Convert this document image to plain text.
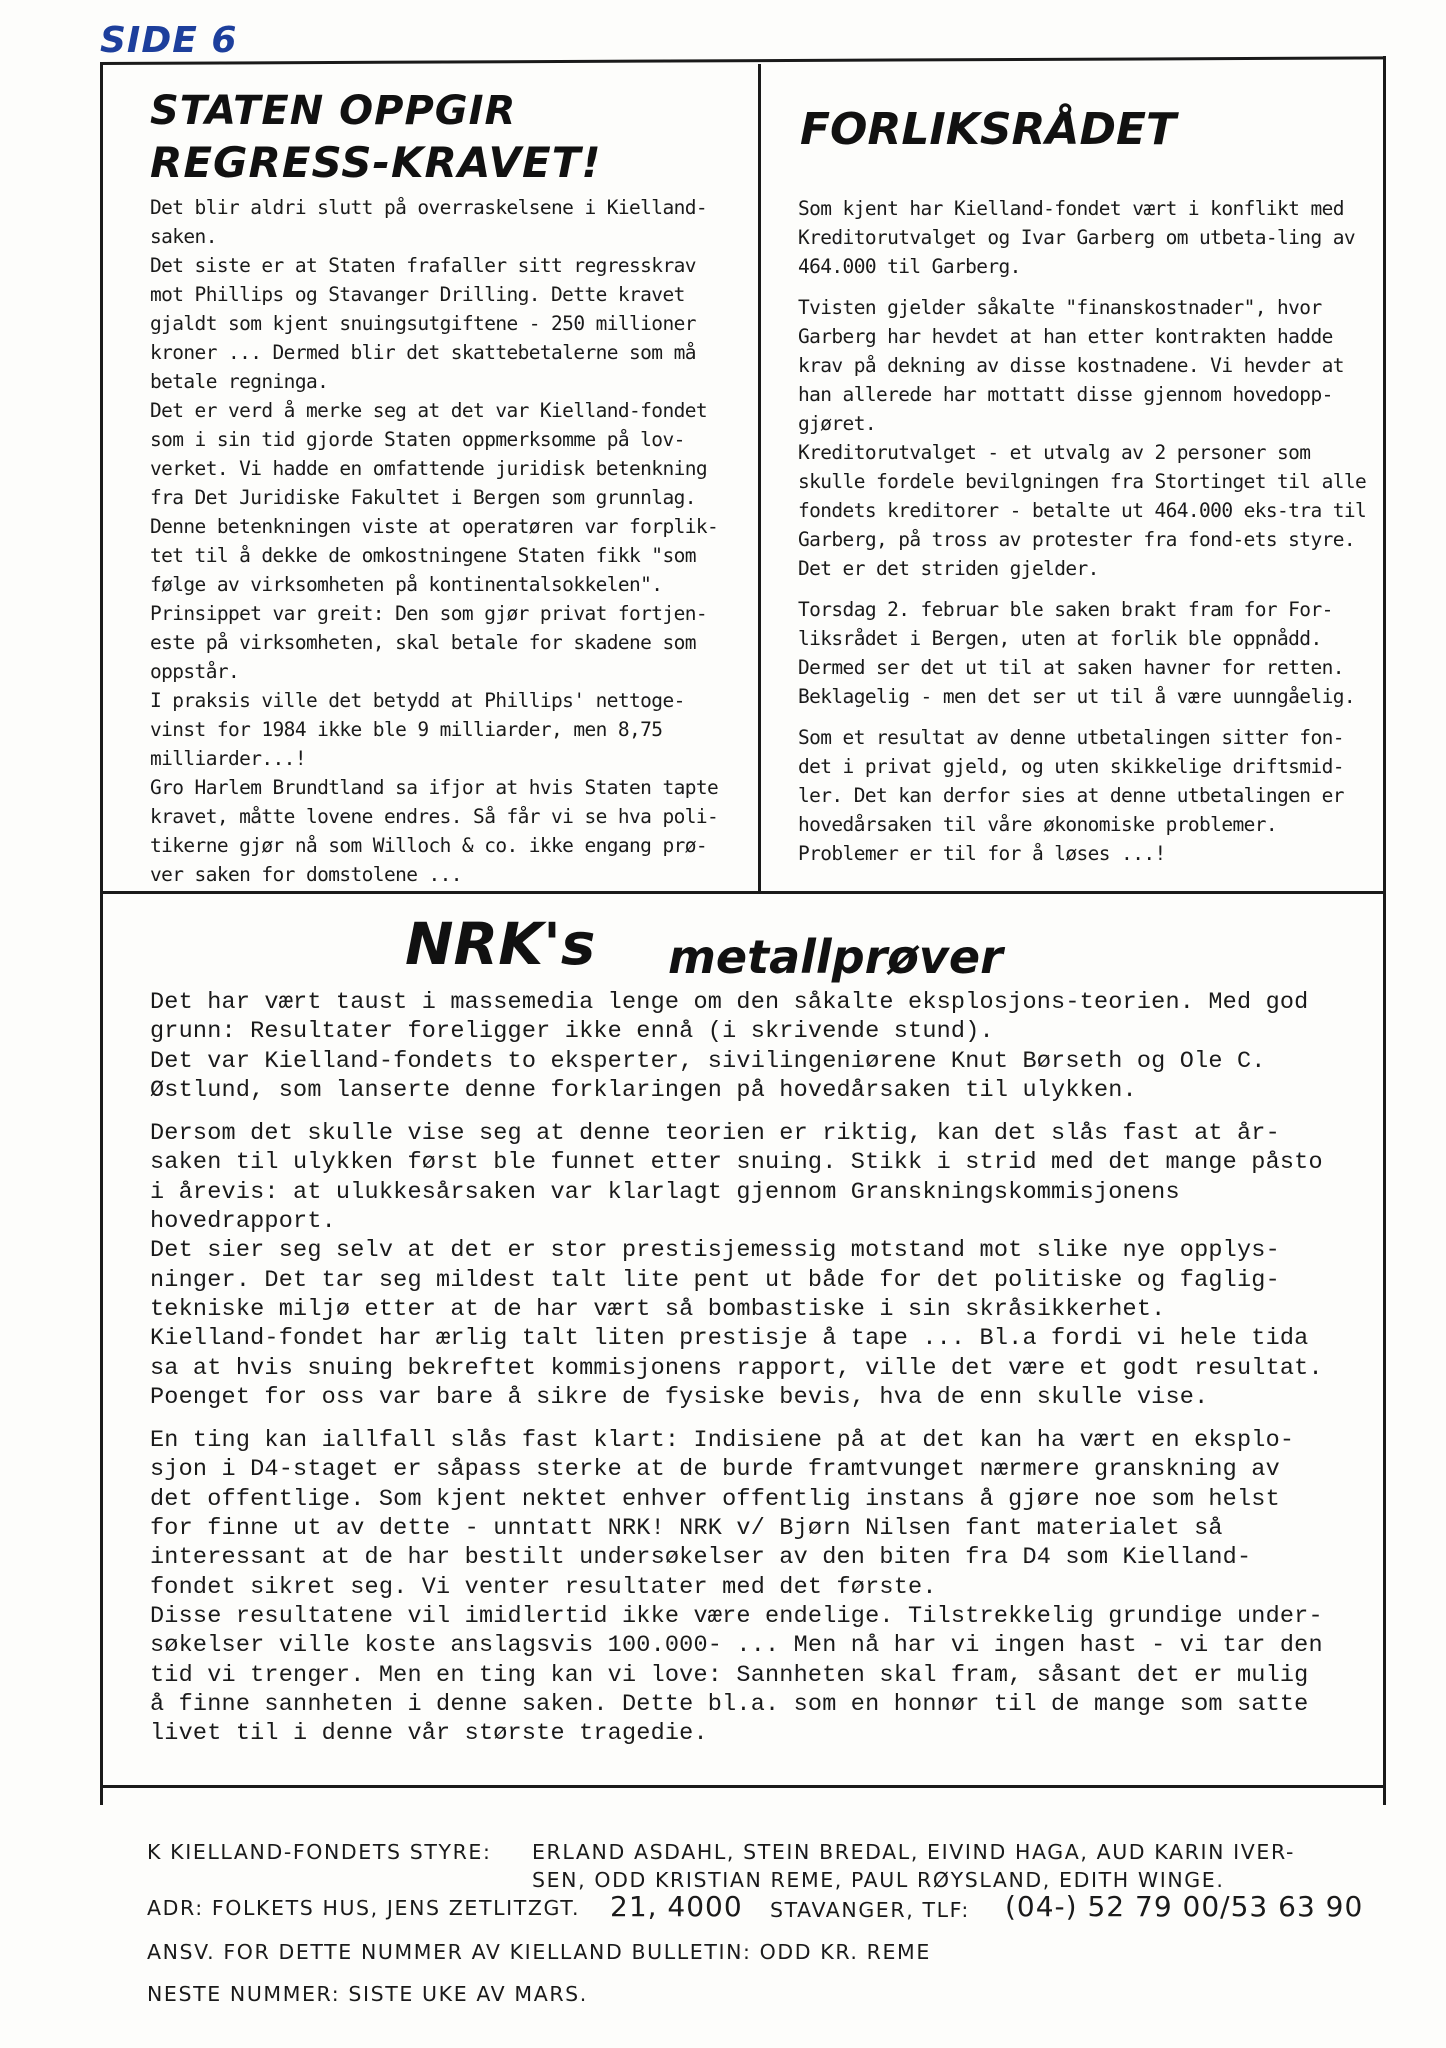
SIDE 6
STATEN OPPGIR
REGRESS-KRAVET!

Det blir aldri slutt på overraskelsene i Kielland-saken.

Det siste er at Staten frafaller sitt regresskrav mot Phillips og Stavanger Drilling. Dette kravet gjaldt som kjent snuingsutgiftene - 250 millioner kroner ... Dermed blir det skattebetalerne som må betale regninga.

Det er verd å merke seg at det var Kielland-fondet som i sin tid gjorde Staten oppmerksomme på lov-verket. Vi hadde en omfattende juridisk betenkning fra Det Juridiske Fakultet i Bergen som grunnlag. Denne betenkningen viste at operatøren var forplik-tet til å dekke de omkostningene Staten fikk "som følge av virksomheten på kontinentalsokkelen".

Prinsippet var greit: Den som gjør privat fortjen-este på virksomheten, skal betale for skadene som oppstår.

I praksis ville det betydd at Phillips' nettoge-vinst for 1984 ikke ble 9 milliarder, men 8,75 milliarder...!

Gro Harlem Brundtland sa ifjor at hvis Staten tapte kravet, måtte lovene endres. Så får vi se hva poli-tikerne gjør nå som Willoch & co. ikke engang prø-ver saken for domstolene ...

FORLIKSRÅDET

Som kjent har Kielland-fondet vært i konflikt med Kreditorutvalget og Ivar Garberg om utbeta-ling av 464.000 til Garberg.

Tvisten gjelder såkalte "finanskostnader", hvor Garberg har hevdet at han etter kontrakten hadde krav på dekning av disse kostnadene. Vi hevder at han allerede har mottatt disse gjennom hovedopp-gjøret.

Kreditorutvalget - et utvalg av 2 personer som skulle fordele bevilgningen fra Stortinget til alle fondets kreditorer - betalte ut 464.000 eks-tra til Garberg, på tross av protester fra fond-ets styre. Det er det striden gjelder.

Torsdag 2. februar ble saken brakt fram for For-liksrådet i Bergen, uten at forlik ble oppnådd. Dermed ser det ut til at saken havner for retten. Beklagelig - men det ser ut til å være uunngåelig.

Som et resultat av denne utbetalingen sitter fon-det i privat gjeld, og uten skikkelige driftsmid-ler. Det kan derfor sies at denne utbetalingen er hovedårsaken til våre økonomiske problemer. Problemer er til for å løses ...!

NRK's metallprøver

Det har vært taust i massemedia lenge om den såkalte eksplosjons-teorien. Med god grunn: Resultater foreligger ikke ennå (i skrivende stund).

Det var Kielland-fondets to eksperter, sivilingeniørene Knut Børseth og Ole C. Østlund, som lanserte denne forklaringen på hovedårsaken til ulykken.

Dersom det skulle vise seg at denne teorien er riktig, kan det slås fast at år-saken til ulykken først ble funnet etter snuing. Stikk i strid med det mange påsto i årevis: at ulukkesårsaken var klarlagt gjennom Granskningskommisjonens hovedrapport.

Det sier seg selv at det er stor prestisjemessig motstand mot slike nye opplys-ninger. Det tar seg mildest talt lite pent ut både for det politiske og faglig-tekniske miljø etter at de har vært så bombastiske i sin skråsikkerhet.

Kielland-fondet har ærlig talt liten prestisje å tape ... Bl.a fordi vi hele tida sa at hvis snuing bekreftet kommisjonens rapport, ville det være et godt resultat. Poenget for oss var bare å sikre de fysiske bevis, hva de enn skulle vise.

En ting kan iallfall slås fast klart: Indisiene på at det kan ha vært en eksplo-sjon i D4-staget er såpass sterke at de burde framtvunget nærmere granskning av det offentlige. Som kjent nektet enhver offentlig instans å gjøre noe som helst for finne ut av dette - unntatt NRK! NRK v/ Bjørn Nilsen fant materialet så interessant at de har bestilt undersøkelser av den biten fra D4 som Kielland-fondet sikret seg. Vi venter resultater med det første.

Disse resultatene vil imidlertid ikke være endelige. Tilstrekkelig grundige under-søkelser ville koste anslagsvis 100.000- ... Men nå har vi ingen hast - vi tar den tid vi trenger. Men en ting kan vi love: Sannheten skal fram, såsant det er mulig å finne sannheten i denne saken. Dette bl.a. som en honnør til de mange som satte livet til i denne vår største tragedie.

K KIELLAND-FONDETS STYRE: ERLAND ASDAHL, STEIN BREDAL, EIVIND HAGA, AUD KARIN IVER-
SEN, ODD KRISTIAN REME, PAUL RØYSLAND, EDITH WINGE.
ADR: FOLKETS HUS, JENS ZETLITZGT. 21, 4000 STAVANGER, TLF: (04-) 52 79 00/53 63 90
ANSV. FOR DETTE NUMMER AV KIELLAND BULLETIN: ODD KR. REME
NESTE NUMMER: SISTE UKE AV MARS.
